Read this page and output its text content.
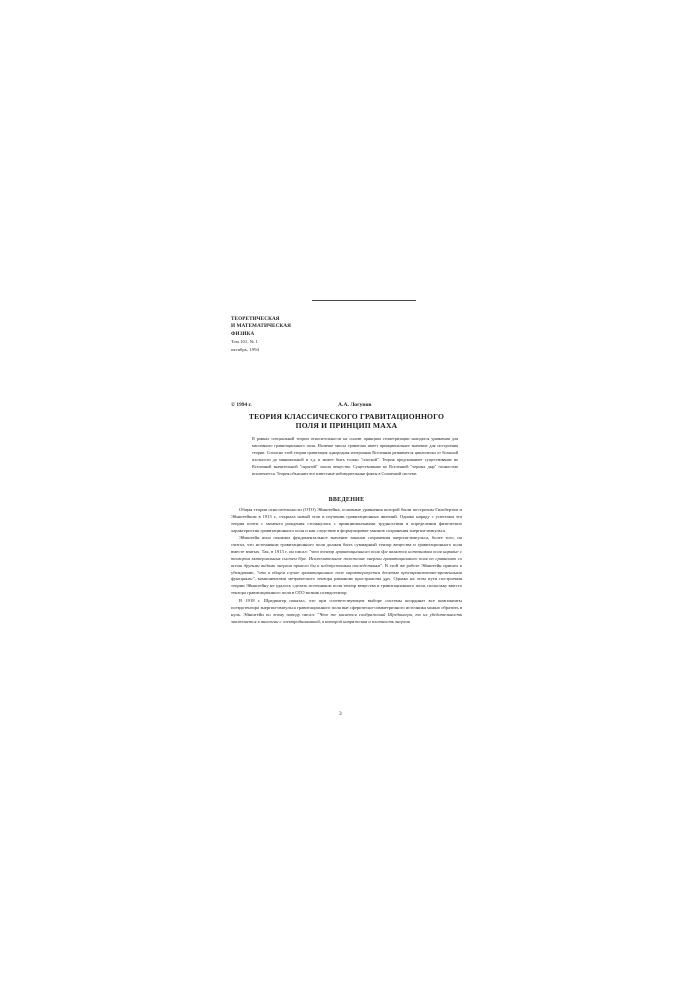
ТЕОРЕТИЧЕСКАЯ
И МАТЕМАТИЧЕСКАЯ
ФИЗИКА
Том 101, № 1
октябрь, 1994
© 1994 г.	А.А. Логунов
ТЕОРИЯ КЛАССИЧЕСКОГО ГРАВИТАЦИОННОГО
ПОЛЯ И ПРИНЦИП МАХА
В рамках специальной теории относительности на основе принципа геометризации находятся уравнения для массивного гравитационного поля. Наличие массы гравитона имеет принципиальное значение для построения теории. Согласно этой теории гравитация однородная изотропная Вселенная развивается циклически от большой плотности до минимальной и т.д. и может быть только "плоской". Теория предсказывает существование во Вселенной значительной "скрытой" массы вещества. Существование во Вселенной "черных дыр" полностью исключается. Теория объясняет все известные наблюдательные факты в Солнечной системе.
ВВЕДЕНИЕ

Общая теория относительности (ОТО) Эйнштейна, основные уравнения которой были построены Гильбертом и Эйнштейном в 1915 г., открыла новый этап в изучении гравитационных явлений. Однако наряду с успехами эта теория почти с момента рождения столкнулась с принципиальными трудностями в определении физических характеристик гравитационного поля и как следствие в формулировке законов сохранения энергии-импульса.

Эйнштейн ясно понимал фундаментальное значение законов сохранения энергии-импульса, более того, он считал, что источником гравитационного поля должен быть суммарный тензор вещества и гравитационного поля вместе взятых. Так, в 1913 г. он писал: "что тензор гравитационного поля ϑμν является источником поля наравне с тензором материальных систем Θμν. Исключительное положение энергии гравитационного поля по сравнению со всеми другими видами энергии привело бы к недопустимым последствиям". В этой же работе Эйнштейн пришел к убеждению, "что в общем случае гравитационное поле характеризуется десятью пространственно-временными функциями", компонентами метрического тензора риманова пространства gμν. Однако на этом пути построения теории Эйнштейну не удалось сделать источником поля тензор вещества и гравитационного поля, поскольку вместо тензора гравитационного поля в ОТО возник псевдотензор.

В 1918 г. Шредингер показал, что при соответствующем выборе системы координат все компоненты псевдотензора энергии-импульса гравитационного поля вне сферически-симметричного источника можно обратить в нуль. Эйнштейн по этому поводу писал: "Что же касается соображений Шредингера, то их убедительность заключается в аналогии с электродинамикой, в которой напряжения и плотность энергии

3
